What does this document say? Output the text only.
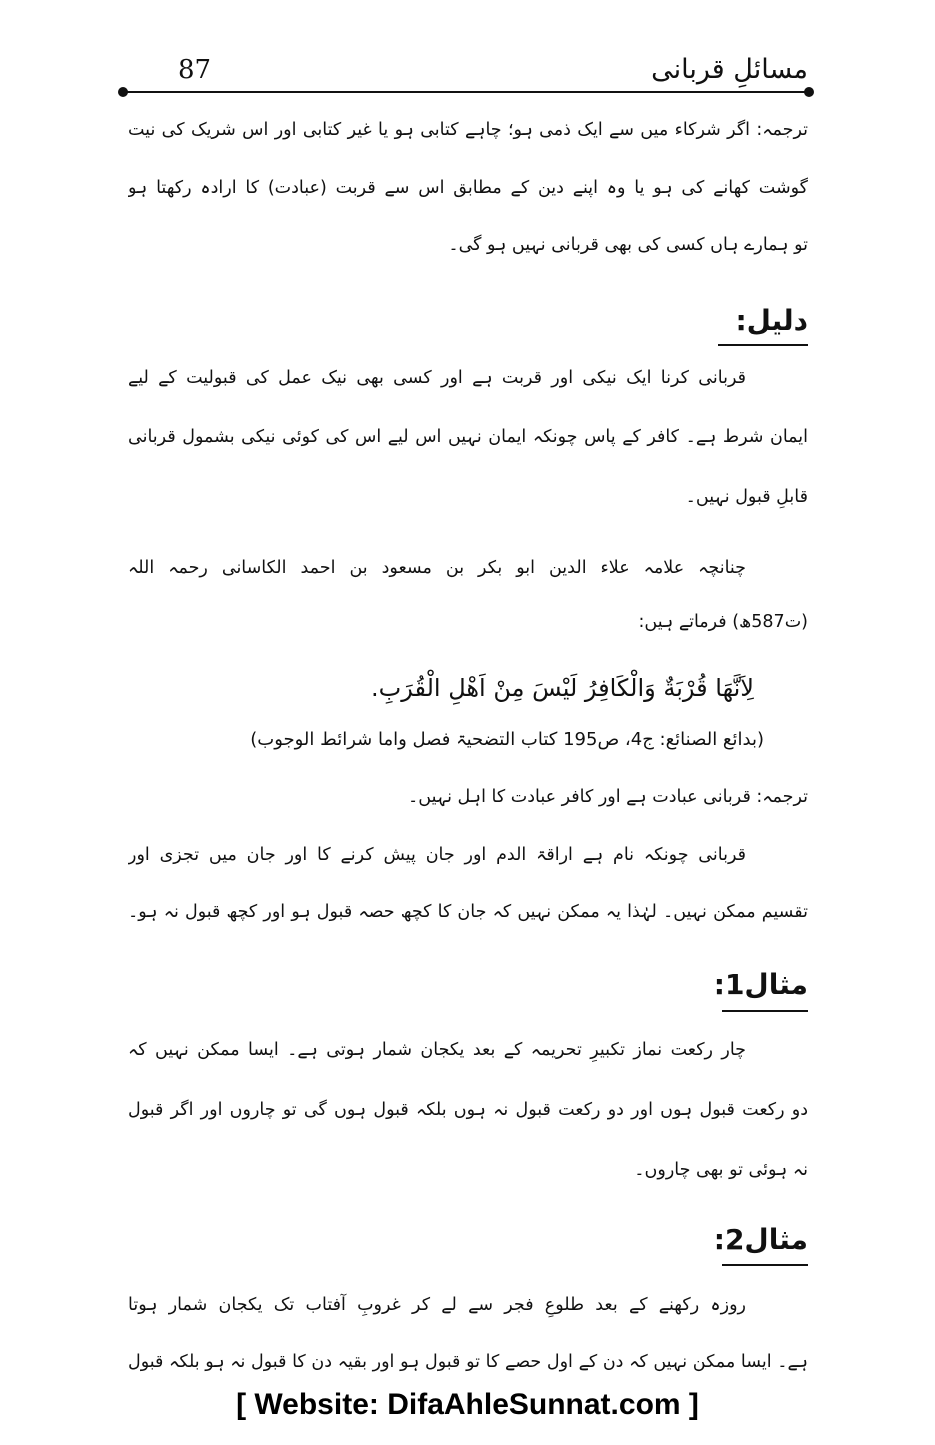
مسائلِ قربانی
87
ترجمہ: اگر شرکاء میں سے ایک ذمی ہو؛ چاہے کتابی ہو یا غیر کتابی اور اس شریک کی نیت
گوشت کھانے کی ہو یا وہ اپنے دین کے مطابق اس سے قربت (عبادت) کا ارادہ رکھتا ہو
تو ہمارے ہاں کسی کی بھی قربانی نہیں ہو گی۔
دلیل:
قربانی کرنا ایک نیکی اور قربت ہے اور کسی بھی نیک عمل کی قبولیت کے لیے
ایمان شرط ہے۔ کافر کے پاس چونکہ ایمان نہیں اس لیے اس کی کوئی نیکی بشمول قربانی
قابلِ قبول نہیں۔
چنانچہ علامہ علاء الدین ابو بکر بن مسعود بن احمد الکاسانی رحمہ اللہ
(ت587ھ) فرماتے ہیں:
لِاَنَّهَا قُرْبَةٌ وَالْكَافِرُ لَيْسَ مِنْ اَهْلِ الْقُرَبِ.
(بدائع الصنائع: ج4، ص195 کتاب التضحیۃ فصل واما شرائط الوجوب)
ترجمہ: قربانی عبادت ہے اور کافر عبادت کا اہل نہیں۔
قربانی چونکہ نام ہے اراقۃ الدم اور جان پیش کرنے کا اور جان میں تجزی اور
تقسیم ممکن نہیں۔ لہٰذا یہ ممکن نہیں کہ جان کا کچھ حصہ قبول ہو اور کچھ قبول نہ ہو۔
مثال1:
چار رکعت نماز تکبیرِ تحریمہ کے بعد یکجان شمار ہوتی ہے۔ ایسا ممکن نہیں کہ
دو رکعت قبول ہوں اور دو رکعت قبول نہ ہوں بلکہ قبول ہوں گی تو چاروں اور اگر قبول
نہ ہوئی تو بھی چاروں۔
مثال2:
روزہ رکھنے کے بعد طلوعِ فجر سے لے کر غروبِ آفتاب تک یکجان شمار ہوتا
ہے۔ ایسا ممکن نہیں کہ دن کے اول حصے کا تو قبول ہو اور بقیہ دن کا قبول نہ ہو بلکہ قبول
[ Website: DifaAhleSunnat.com ]
